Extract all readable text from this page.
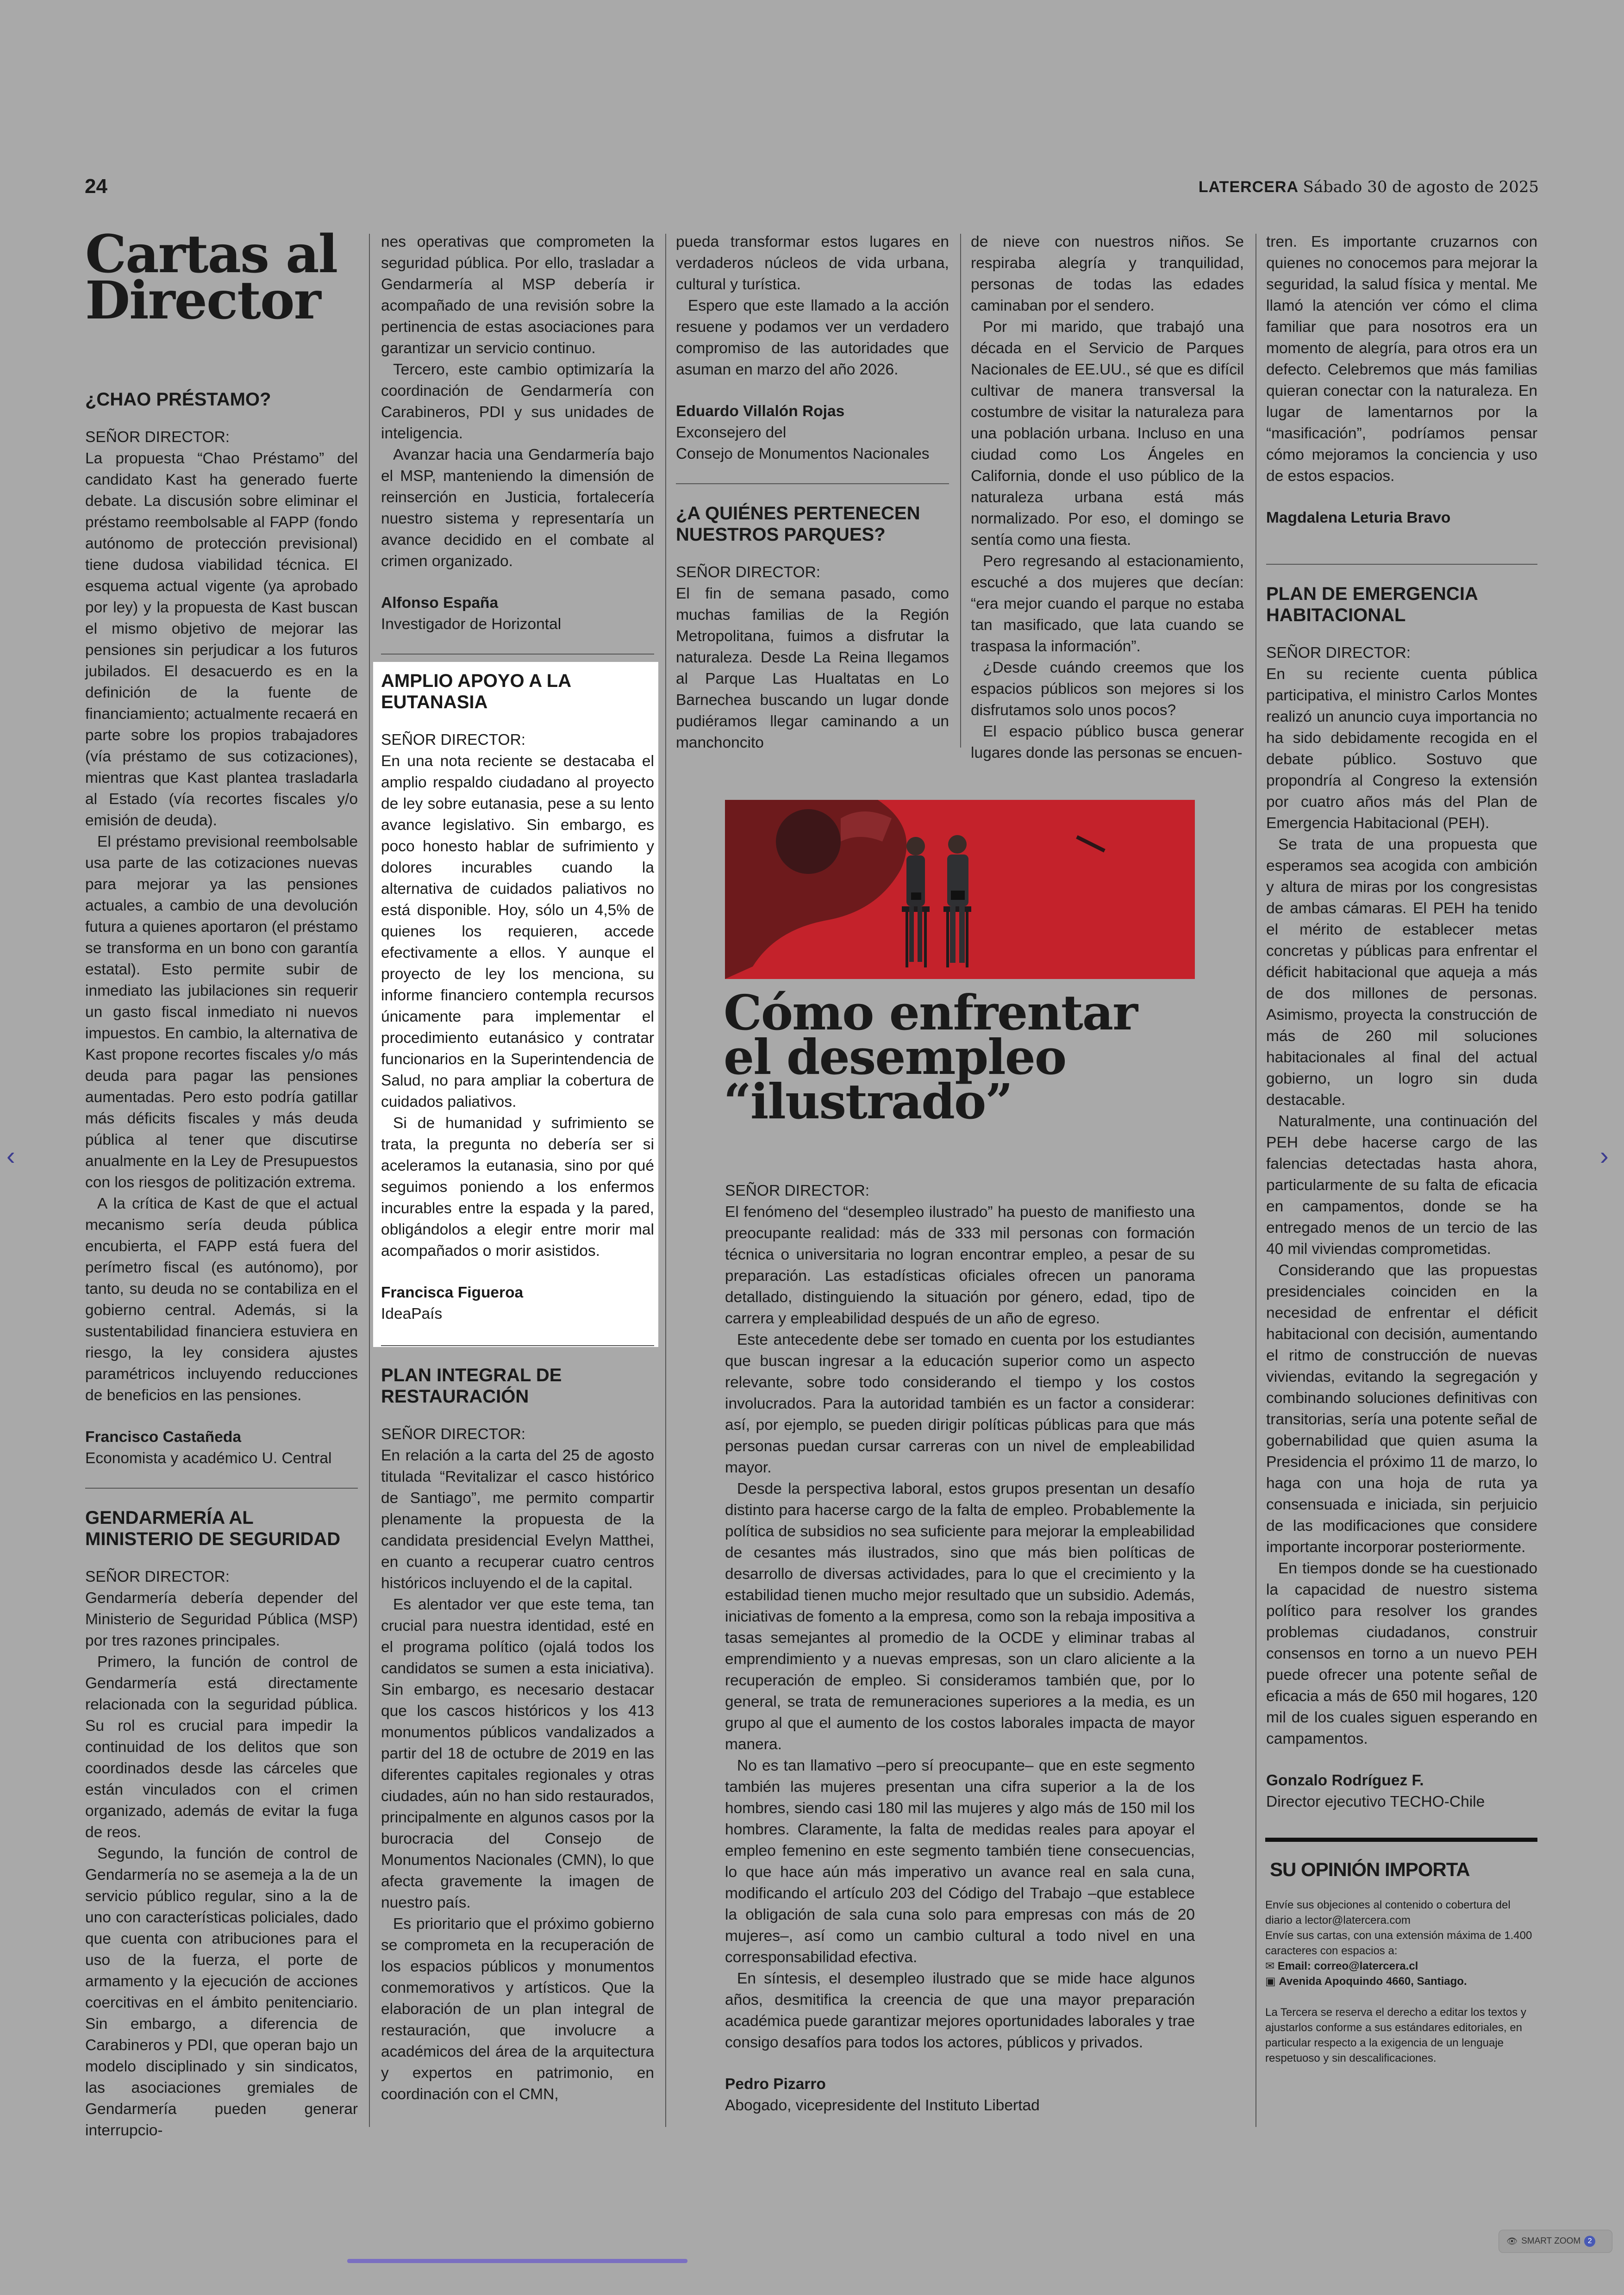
24	LATERCERA Sábado 30 de agosto de 2025
Cartas al
Director
¿CHAO PRÉSTAMO?

SEÑOR DIRECTOR:

La propuesta “Chao Préstamo” del candidato Kast ha generado fuerte debate. La discusión sobre eliminar el préstamo reembolsable al FAPP (fondo autónomo de protección previsional) tiene dudosa viabilidad técnica. El esquema actual vigente (ya aprobado por ley) y la propuesta de Kast buscan el mismo objetivo de mejorar las pensiones sin perjudicar a los futuros jubilados. El desacuerdo es en la definición de la fuente de financiamiento; actualmente recaerá en parte sobre los propios trabajadores (vía préstamo de sus cotizaciones), mientras que Kast plantea trasladarla al Estado (vía recortes fiscales y/o emisión de deuda).

El préstamo previsional reembolsable usa parte de las cotizaciones nuevas para mejorar ya las pensiones actuales, a cambio de una devolución futura a quienes aportaron (el préstamo se transforma en un bono con garantía estatal). Esto permite subir de inmediato las jubilaciones sin requerir un gasto fiscal inmediato ni nuevos impuestos. En cambio, la alternativa de Kast propone recortes fiscales y/o más deuda para pagar las pensiones aumentadas. Pero esto podría gatillar más déficits fiscales y más deuda pública al tener que discutirse anualmente en la Ley de Presupuestos con los riesgos de politización extrema.

A la crítica de Kast de que el actual mecanismo sería deuda pública encubierta, el FAPP está fuera del perímetro fiscal (es autónomo), por tanto, su deuda no se contabiliza en el gobierno central. Además, si la sustentabilidad financiera estuviera en riesgo, la ley considera ajustes paramétricos incluyendo reducciones de beneficios en las pensiones.

Francisco Castañeda
Economista y académico U. Central
GENDARMERÍA AL MINISTERIO DE SEGURIDAD

SEÑOR DIRECTOR:

Gendarmería debería depender del Ministerio de Seguridad Pública (MSP) por tres razones principales.

Primero, la función de control de Gendarmería está directamente relacionada con la seguridad pública. Su rol es crucial para impedir la continuidad de los delitos que son coordinados desde las cárceles que están vinculados con el crimen organizado, además de evitar la fuga de reos.

Segundo, la función de control de Gendarmería no se asemeja a la de un servicio público regular, sino a la de uno con características policiales, dado que cuenta con atribuciones para el uso de la fuerza, el porte de armamento y la ejecución de acciones coercitivas en el ámbito penitenciario. Sin embargo, a diferencia de Carabineros y PDI, que operan bajo un modelo disciplinado y sin sindicatos, las asociaciones gremiales de Gendarmería pueden generar interrupcio-

nes operativas que comprometen la seguridad pública. Por ello, trasladar a Gendarmería al MSP debería ir acompañado de una revisión sobre la pertinencia de estas asociaciones para garantizar un servicio continuo.

Tercero, este cambio optimizaría la coordinación de Gendarmería con Carabineros, PDI y sus unidades de inteligencia.

Avanzar hacia una Gendarmería bajo el MSP, manteniendo la dimensión de reinserción en Justicia, fortalecería nuestro sistema y representaría un avance decidido en el combate al crimen organizado.

Alfonso España
Investigador de Horizontal
AMPLIO APOYO A LA EUTANASIA

SEÑOR DIRECTOR:

En una nota reciente se destacaba el amplio respaldo ciudadano al proyecto de ley sobre eutanasia, pese a su lento avance legislativo. Sin embargo, es poco honesto hablar de sufrimiento y dolores incurables cuando la alternativa de cuidados paliativos no está disponible. Hoy, sólo un 4,5% de quienes los requieren, accede efectivamente a ellos. Y aunque el proyecto de ley los menciona, su informe financiero contempla recursos únicamente para implementar el procedimiento eutanásico y contratar funcionarios en la Superintendencia de Salud, no para ampliar la cobertura de cuidados paliativos.

Si de humanidad y sufrimiento se trata, la pregunta no debería ser si aceleramos la eutanasia, sino por qué seguimos poniendo a los enfermos incurables entre la espada y la pared, obligándolos a elegir entre morir mal acompañados o morir asistidos.

Francisca Figueroa
IdeaPaís
PLAN INTEGRAL DE RESTAURACIÓN

SEÑOR DIRECTOR:

En relación a la carta del 25 de agosto titulada “Revitalizar el casco histórico de Santiago”, me permito compartir plenamente la propuesta de la candidata presidencial Evelyn Matthei, en cuanto a recuperar cuatro centros históricos incluyendo el de la capital.

Es alentador ver que este tema, tan crucial para nuestra identidad, esté en el programa político (ojalá todos los candidatos se sumen a esta iniciativa). Sin embargo, es necesario destacar que los cascos históricos y los 413 monumentos públicos vandalizados a partir del 18 de octubre de 2019 en las diferentes capitales regionales y otras ciudades, aún no han sido restaurados, principalmente en algunos casos por la burocracia del Consejo de Monumentos Nacionales (CMN), lo que afecta gravemente la imagen de nuestro país.

Es prioritario que el próximo gobierno se comprometa en la recuperación de los espacios públicos y monumentos conmemorativos y artísticos. Que la elaboración de un plan integral de restauración, que involucre a académicos del área de la arquitectura y expertos en patrimonio, en coordinación con el CMN,

pueda transformar estos lugares en verdaderos núcleos de vida urbana, cultural y turística.

Espero que este llamado a la acción resuene y podamos ver un verdadero compromiso de las autoridades que asuman en marzo del año 2026.

Eduardo Villalón Rojas
Exconsejero del
Consejo de Monumentos Nacionales
¿A QUIÉNES PERTENECEN NUESTROS PARQUES?

SEÑOR DIRECTOR:

El fin de semana pasado, como muchas familias de la Región Metropolitana, fuimos a disfrutar la naturaleza. Desde La Reina llegamos al Parque Las Hualtatas en Lo Barnechea buscando un lugar donde pudiéramos llegar caminando a un manchoncito

de nieve con nuestros niños. Se respiraba alegría y tranquilidad, personas de todas las edades caminaban por el sendero.

Por mi marido, que trabajó una década en el Servicio de Parques Nacionales de EE.UU., sé que es difícil cultivar de manera transversal la costumbre de visitar la naturaleza para una población urbana. Incluso en una ciudad como Los Ángeles en California, donde el uso público de la naturaleza urbana está más normalizado. Por eso, el domingo se sentía como una fiesta.

Pero regresando al estacionamiento, escuché a dos mujeres que decían: “era mejor cuando el parque no estaba tan masificado, que lata cuando se traspasa la información”.

¿Desde cuándo creemos que los espacios públicos son mejores si los disfrutamos solo unos pocos?

El espacio público busca generar lugares donde las personas se encuen-

Cómo enfrentar
el desempleo
“ilustrado”

SEÑOR DIRECTOR:

El fenómeno del “desempleo ilustrado” ha puesto de manifiesto una preocupante realidad: más de 333 mil personas con formación técnica o universitaria no logran encontrar empleo, a pesar de su preparación. Las estadísticas oficiales ofrecen un panorama detallado, distinguiendo la situación por género, edad, tipo de carrera y empleabilidad después de un año de egreso.

Este antecedente debe ser tomado en cuenta por los estudiantes que buscan ingresar a la educación superior como un aspecto relevante, sobre todo considerando el tiempo y los costos involucrados. Para la autoridad también es un factor a considerar: así, por ejemplo, se pueden dirigir políticas públicas para que más personas puedan cursar carreras con un nivel de empleabilidad mayor.

Desde la perspectiva laboral, estos grupos presentan un desafío distinto para hacerse cargo de la falta de empleo. Probablemente la política de subsidios no sea suficiente para mejorar la empleabilidad de cesantes más ilustrados, sino que más bien políticas de desarrollo de diversas actividades, para lo que el crecimiento y la estabilidad tienen mucho mejor resultado que un subsidio. Además, iniciativas de fomento a la empresa, como son la rebaja impositiva a tasas semejantes al promedio de la OCDE y eliminar trabas al emprendimiento y a nuevas empresas, son un claro aliciente a la recuperación de empleo. Si consideramos también que, por lo general, se trata de remuneraciones superiores a la media, es un grupo al que el aumento de los costos laborales impacta de mayor manera.

No es tan llamativo –pero sí preocupante– que en este segmento también las mujeres presentan una cifra superior a la de los hombres, siendo casi 180 mil las mujeres y algo más de 150 mil los hombres. Claramente, la falta de medidas reales para apoyar el empleo femenino en este segmento también tiene consecuencias, lo que hace aún más imperativo un avance real en sala cuna, modificando el artículo 203 del Código del Trabajo –que establece la obligación de sala cuna solo para empresas con más de 20 mujeres–, así como un cambio cultural a todo nivel en una corresponsabilidad efectiva.

En síntesis, el desempleo ilustrado que se mide hace algunos años, desmitifica la creencia de que una mayor preparación académica puede garantizar mejores oportunidades laborales y trae consigo desafíos para todos los actores, públicos y privados.

Pedro Pizarro
Abogado, vicepresidente del Instituto Libertad

tren. Es importante cruzarnos con quienes no conocemos para mejorar la seguridad, la salud física y mental. Me llamó la atención ver cómo el clima familiar que para nosotros era un momento de alegría, para otros era un defecto. Celebremos que más familias quieran conectar con la naturaleza. En lugar de lamentarnos por la “masificación”, podríamos pensar cómo mejoramos la conciencia y uso de estos espacios.

Magdalena Leturia Bravo
PLAN DE EMERGENCIA HABITACIONAL

SEÑOR DIRECTOR:

En su reciente cuenta pública participativa, el ministro Carlos Montes realizó un anuncio cuya importancia no ha sido debidamente recogida en el debate público. Sostuvo que propondría al Congreso la extensión por cuatro años más del Plan de Emergencia Habitacional (PEH).

Se trata de una propuesta que esperamos sea acogida con ambición y altura de miras por los congresistas de ambas cámaras. El PEH ha tenido el mérito de establecer metas concretas y públicas para enfrentar el déficit habitacional que aqueja a más de dos millones de personas. Asimismo, proyecta la construcción de más de 260 mil soluciones habitacionales al final del actual gobierno, un logro sin duda destacable.

Naturalmente, una continuación del PEH debe hacerse cargo de las falencias detectadas hasta ahora, particularmente de su falta de eficacia en campamentos, donde se ha entregado menos de un tercio de las 40 mil viviendas comprometidas.

Considerando que las propuestas presidenciales coinciden en la necesidad de enfrentar el déficit habitacional con decisión, aumentando el ritmo de construcción de nuevas viviendas, evitando la segregación y combinando soluciones definitivas con transitorias, sería una potente señal de gobernabilidad que quien asuma la Presidencia el próximo 11 de marzo, lo haga con una hoja de ruta ya consensuada e iniciada, sin perjuicio de las modificaciones que considere importante incorporar posteriormente.

En tiempos donde se ha cuestionado la capacidad de nuestro sistema político para resolver los grandes problemas ciudadanos, construir consensos en torno a un nuevo PEH puede ofrecer una potente señal de eficacia a más de 650 mil hogares, 120 mil de los cuales siguen esperando en campamentos.

Gonzalo Rodríguez F.
Director ejecutivo TECHO-Chile
SU OPINIÓN IMPORTA

Envíe sus objeciones al contenido o cobertura del diario a lector@latercera.com

Envíe sus cartas, con una extensión máxima de 1.400 caracteres con espacios a:

✉ Email: correo@latercera.cl

▣ Avenida Apoquindo 4660, Santiago.

La Tercera se reserva el derecho a editar los textos y ajustarlos conforme a sus estándares editoriales, en particular respecto a la exigencia de un lenguaje respetuoso y sin descalificaciones.

‹	›
👁 SMART ZOOM 2
